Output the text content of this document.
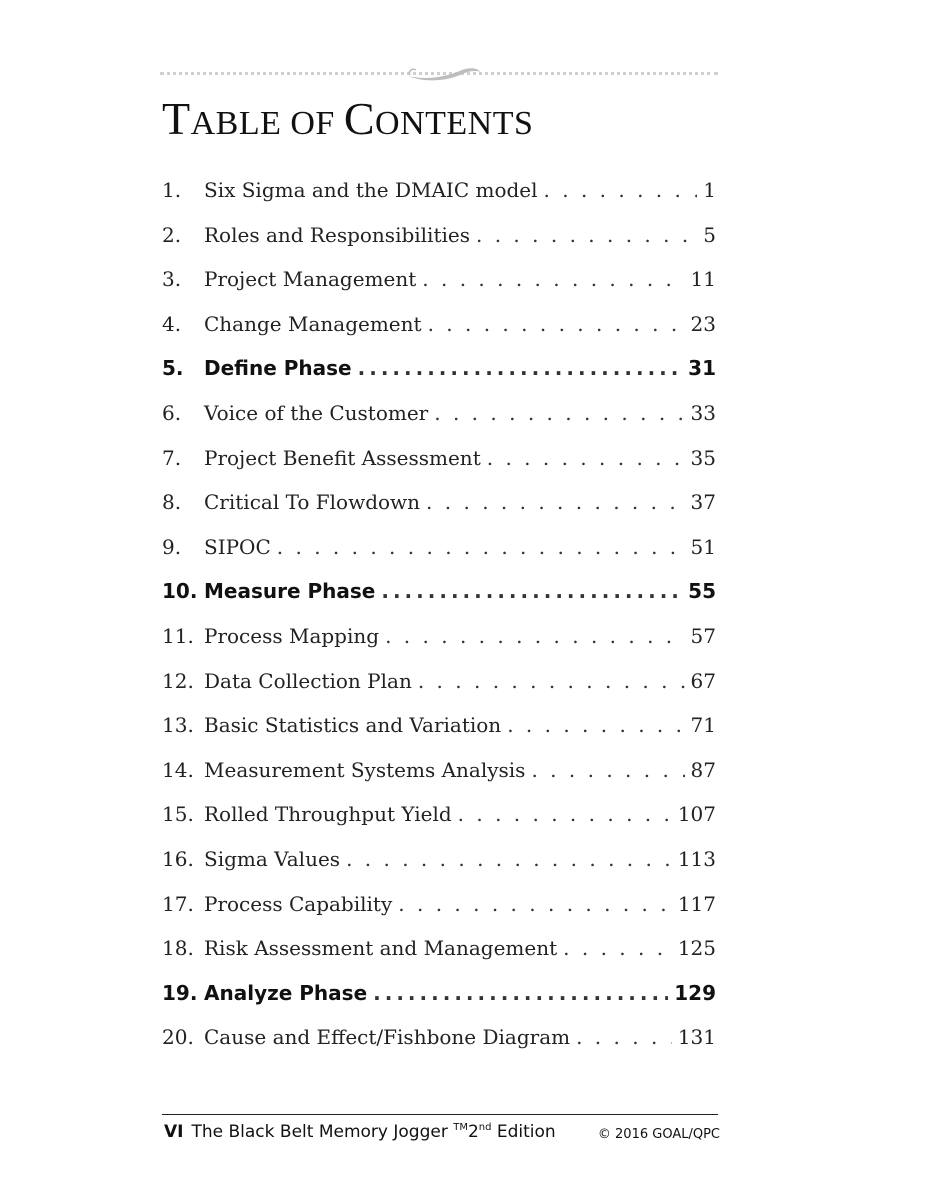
TABLE OF CONTENTS
1.	Six Sigma and the DMAIC model . . .	1
2.	Roles and Responsibilities . . .	5
3.	Project Management . . .	11
4.	Change Management . . .	23
5.	Define Phase .....	31
6.	Voice of the Customer . . .	33
7.	Project Benefit Assessment . . .	35
8.	Critical To Flowdown . . .	37
9.	SIPOC . . .	51
10. Measure Phase .....	55
11. Process Mapping . . .	57
12. Data Collection Plan . . .	67
13. Basic Statistics and Variation . . .	71
14. Measurement Systems Analysis . . .	87
15. Rolled Throughput Yield . . .	107
16. Sigma Values . . .	113
17. Process Capability . . .	117
18. Risk Assessment and Management . . .	125
19. Analyze Phase .....	129
20. Cause and Effect/Fishbone Diagram . . .	131
VI The Black Belt Memory Jogger ™2nd Edition	© 2016 GOAL/QPC
